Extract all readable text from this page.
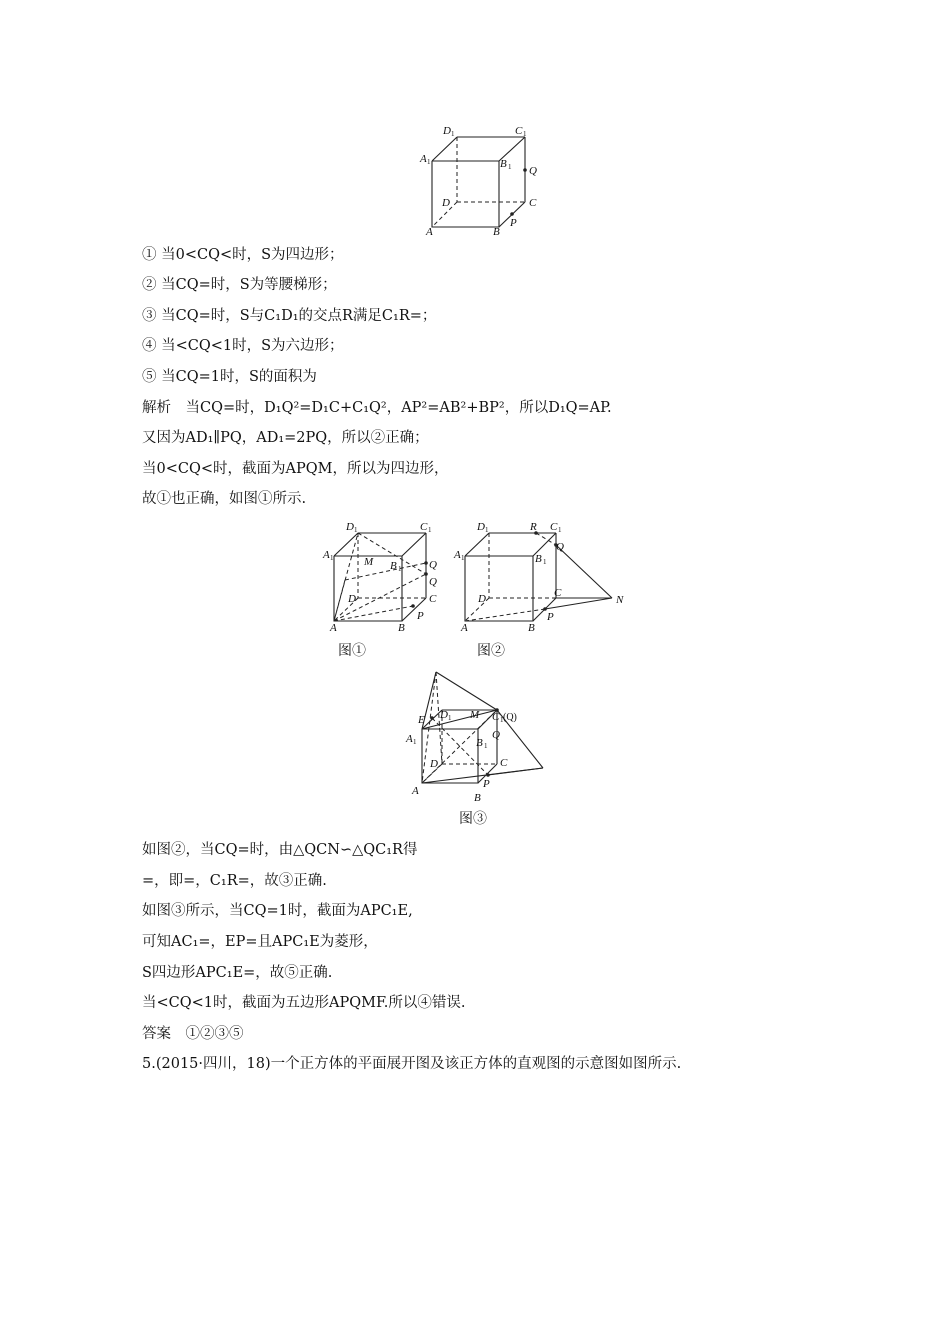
D 1	C 1
A 1	B 1 Q
D	C
A	B
P
① 当0<CQ<时，S为四边形；
② 当CQ=时，S为等腰梯形；
③ 当CQ=时，S与C₁D₁的交点R满足C₁R=；
④ 当<CQ<1时，S为六边形；
⑤ 当CQ=1时，S的面积为
解析　当CQ=时，D₁Q²=D₁C+C₁Q²，AP²=AB²+BP²，所以D₁Q=AP.
又因为AD₁∥PQ，AD₁=2PQ，所以②正确；
当0<CQ<时，截面为APQM，所以为四边形，
故①也正确，如图①所示.
D 1	C 1
A 1	M B 1	Q
Q
D	C
A	B
P
图①
D 1	R C 1
Q
A 1	B 1
D	C
N
A	B
P
图②
E D 1 M C 1 (Q)
A 1	B 1
Q
D	C
A
B
P
图③
如图②，当CQ=时，由△QCN∽△QC₁R得
=，即=，C₁R=，故③正确.
如图③所示，当CQ=1时，截面为APC₁E,
可知AC₁=，EP=且APC₁E为菱形，
S四边形APC₁E=，故⑤正确.
当<CQ<1时，截面为五边形APQMF.所以④错误.
答案　①②③⑤
5.(2015·四川，18)一个正方体的平面展开图及该正方体的直观图的示意图如图所示.
